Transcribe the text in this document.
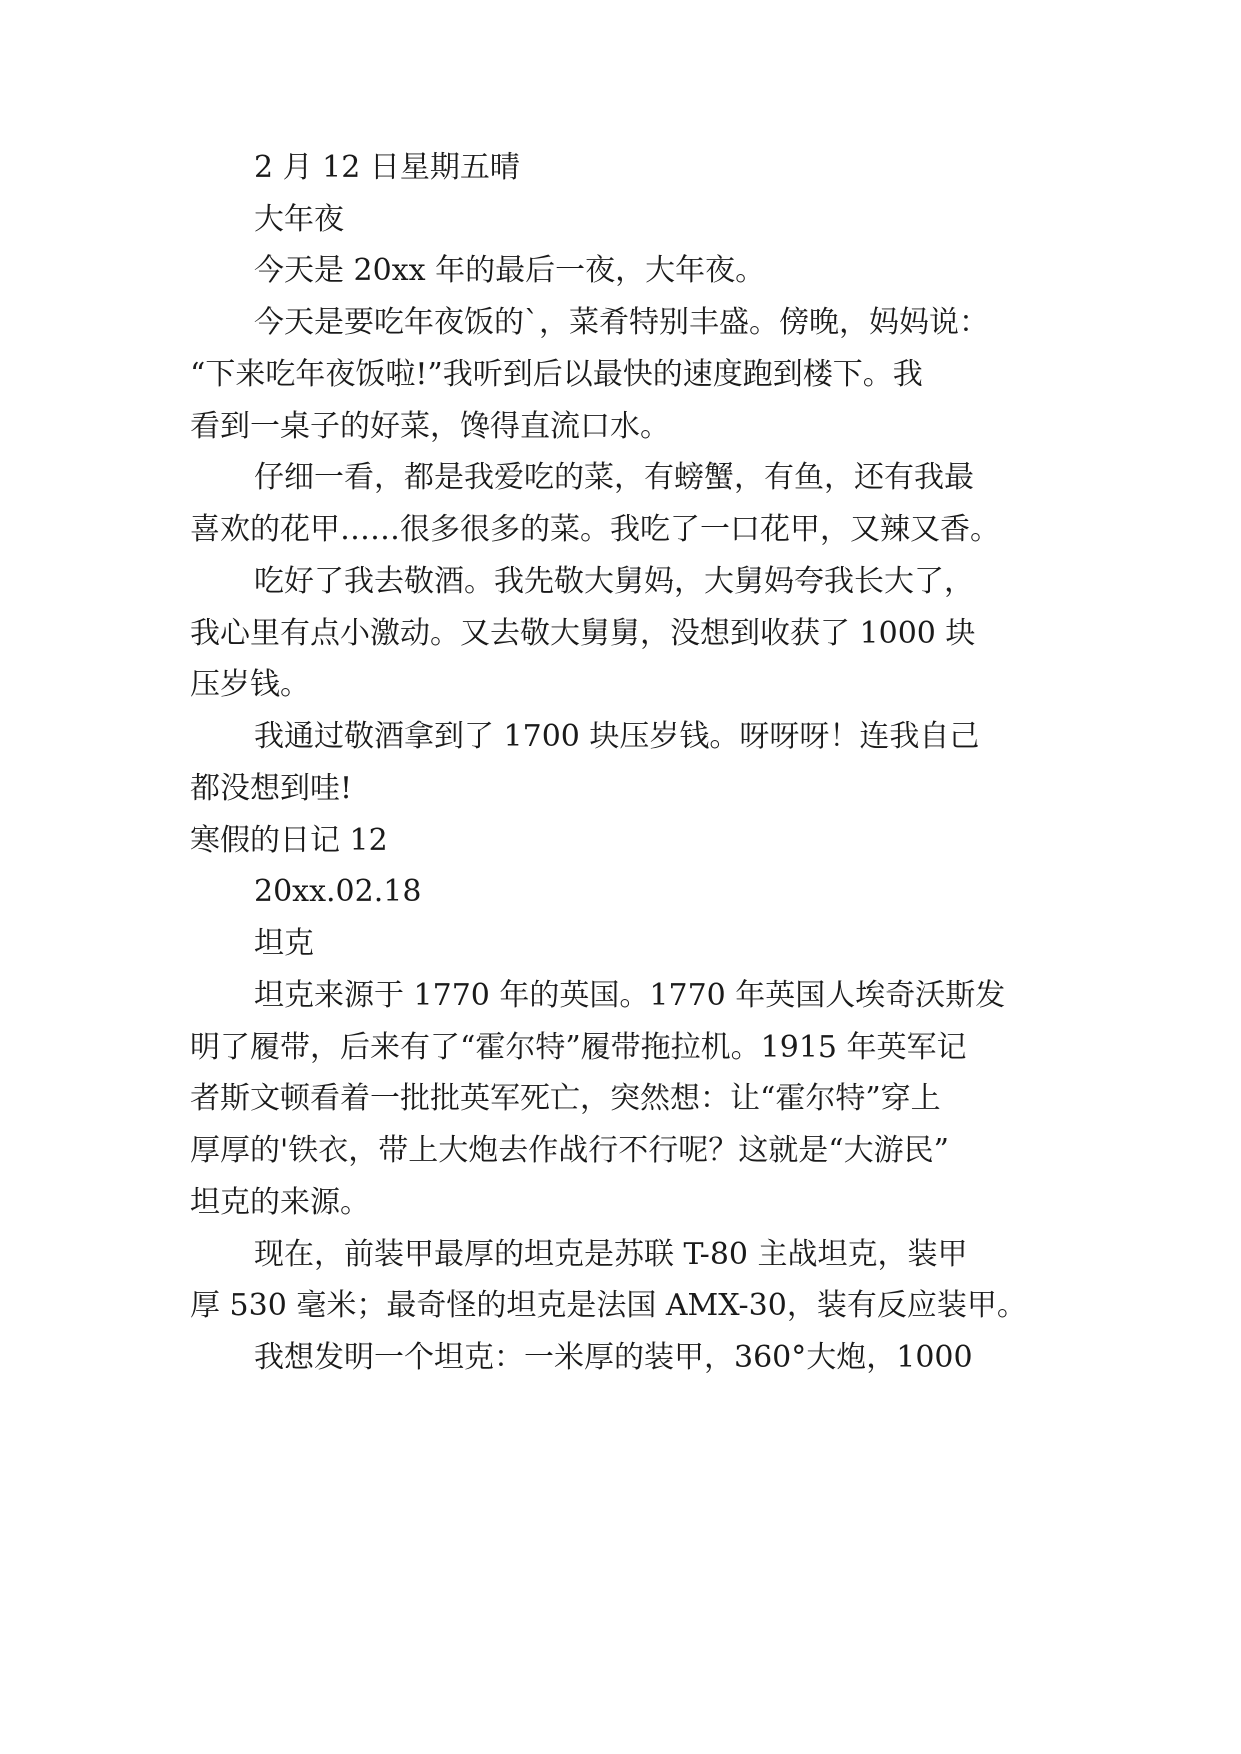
2 月 12 日星期五晴
大年夜
今天是 20xx 年的最后一夜，大年夜。
今天是要吃年夜饭的`，菜肴特别丰盛。傍晚，妈妈说：
“下来吃年夜饭啦!”我听到后以最快的速度跑到楼下。我
看到一桌子的好菜，馋得直流口水。
仔细一看，都是我爱吃的菜，有螃蟹，有鱼，还有我最
喜欢的花甲……很多很多的菜。我吃了一口花甲，又辣又香。
吃好了我去敬酒。我先敬大舅妈，大舅妈夸我长大了，
我心里有点小激动。又去敬大舅舅，没想到收获了 1000 块
压岁钱。
我通过敬酒拿到了 1700 块压岁钱。呀呀呀！连我自己
都没想到哇!
寒假的日记 12
20xx.02.18
坦克
坦克来源于 1770 年的英国。1770 年英国人埃奇沃斯发
明了履带，后来有了“霍尔特”履带拖拉机。1915 年英军记
者斯文顿看着一批批英军死亡，突然想：让“霍尔特”穿上
厚厚的'铁衣，带上大炮去作战行不行呢？这就是“大游民”
坦克的来源。
现在，前装甲最厚的坦克是苏联 T-80 主战坦克，装甲
厚 530 毫米；最奇怪的坦克是法国 AMX-30，装有反应装甲。
我想发明一个坦克：一米厚的装甲，360°大炮，1000
